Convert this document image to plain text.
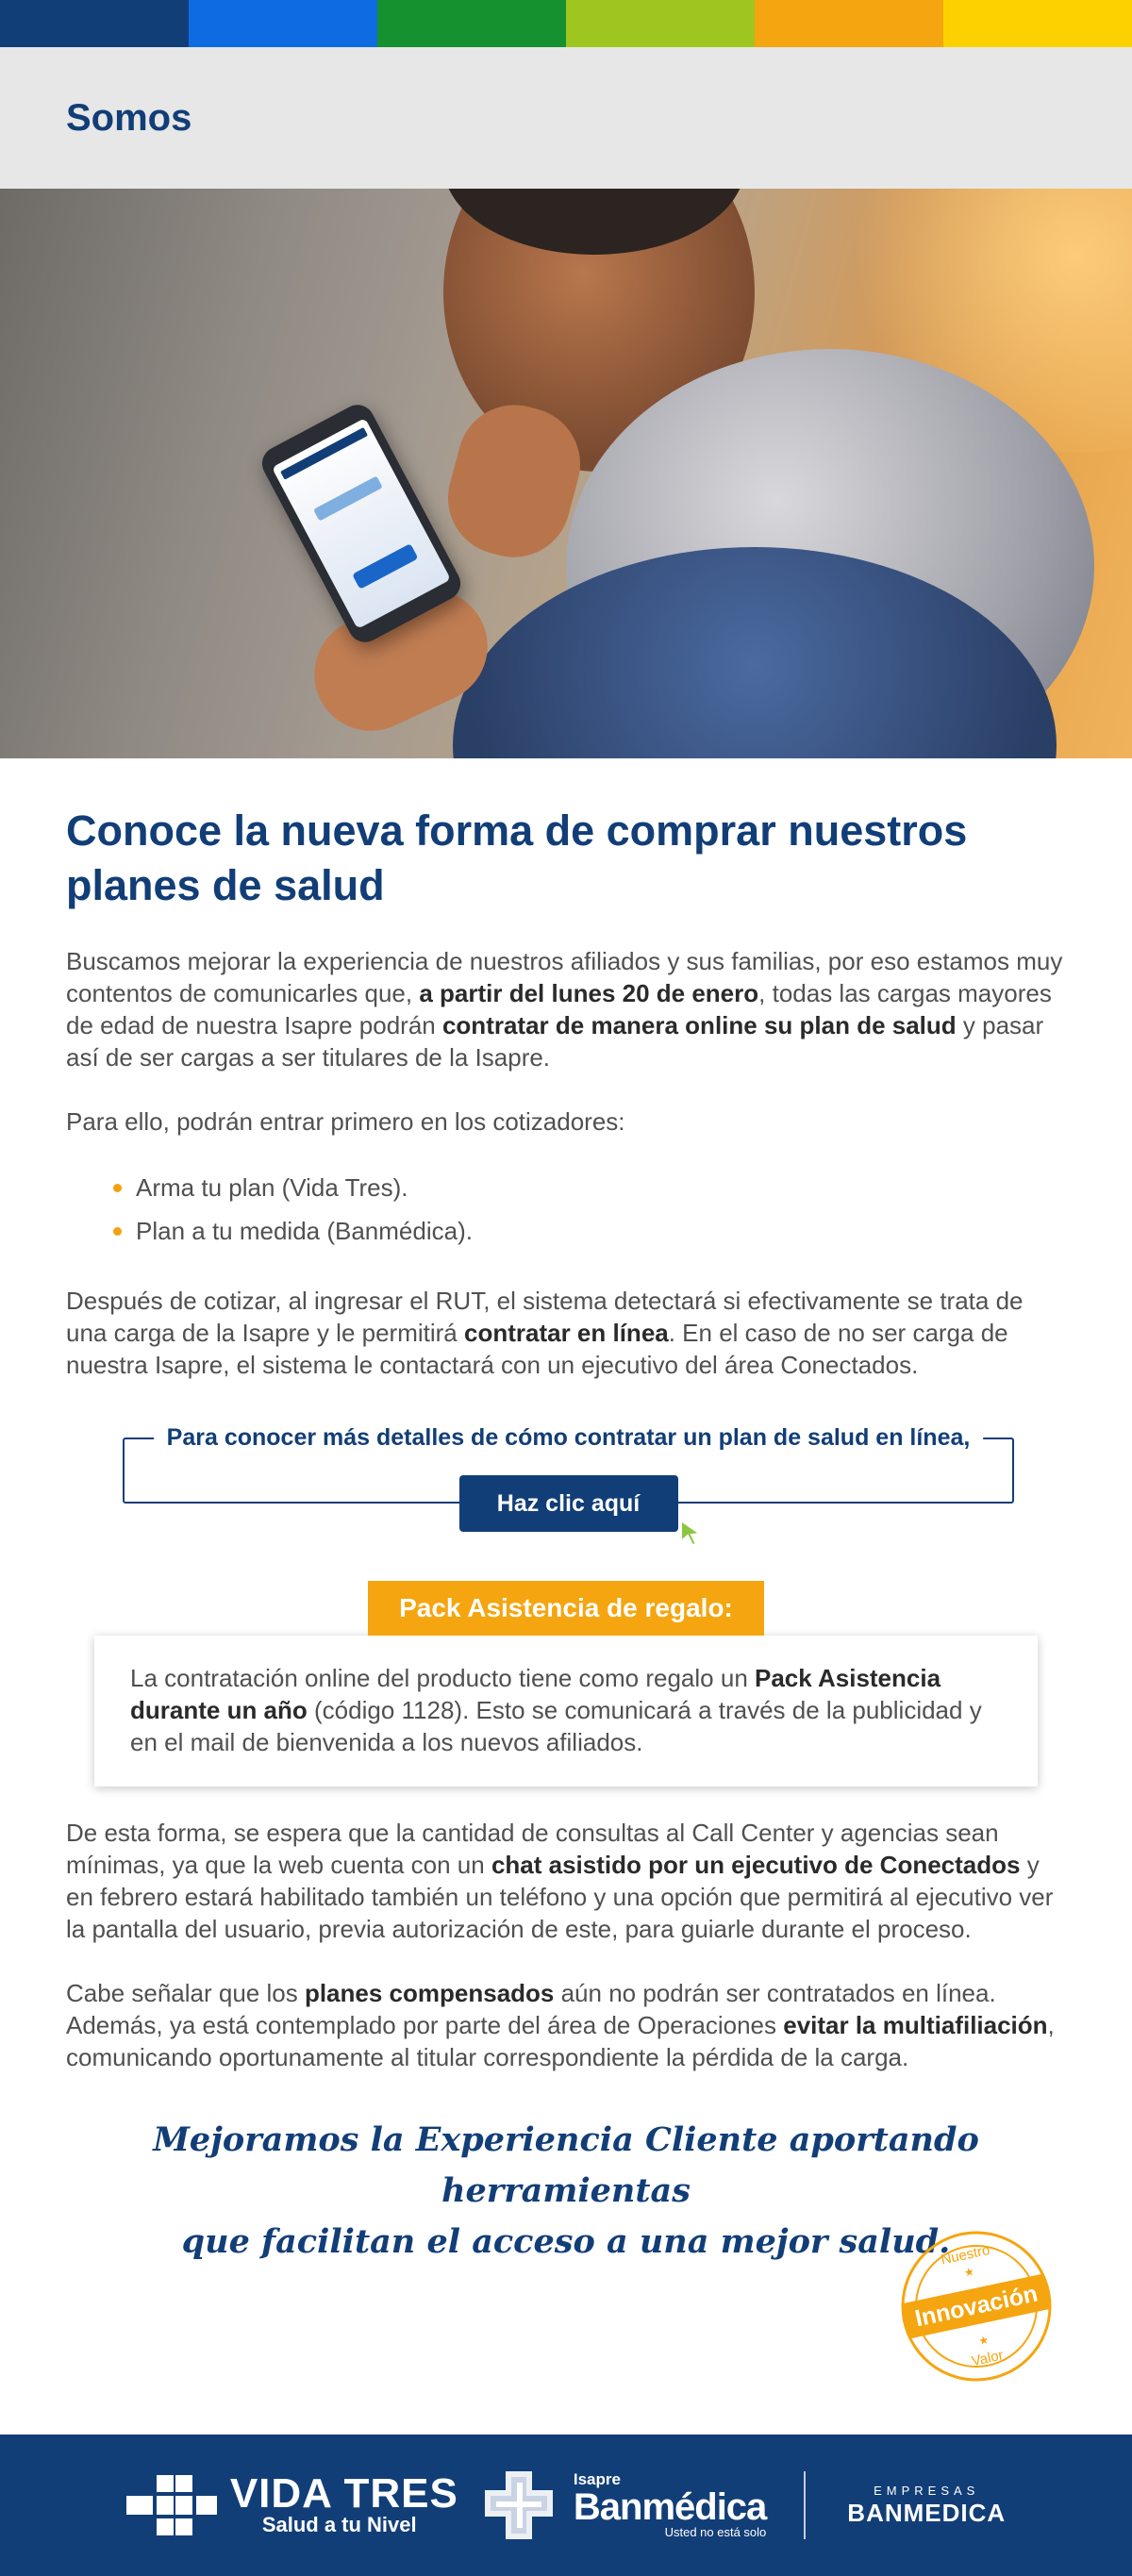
Somos
Conoce la nueva forma de comprar nuestros planes de salud

Buscamos mejorar la experiencia de nuestros afiliados y sus familias, por eso estamos muy contentos de comunicarles que, a partir del lunes 20 de enero, todas las cargas mayores de edad de nuestra Isapre podrán contratar de manera online su plan de salud y pasar así de ser cargas a ser titulares de la Isapre.

Para ello, podrán entrar primero en los cotizadores:

Arma tu plan (Vida Tres).
Plan a tu medida (Banmédica).

Después de cotizar, al ingresar el RUT, el sistema detectará si efectivamente se trata de una carga de la Isapre y le permitirá contratar en línea. En el caso de no ser carga de nuestra Isapre, el sistema le contactará con un ejecutivo del área Conectados.

Para conocer más detalles de cómo contratar un plan de salud en línea,
Haz clic aquí
Pack Asistencia de regalo:
La contratación online del producto tiene como regalo un Pack Asistencia durante un año (código 1128). Esto se comunicará a través de la publicidad y en el mail de bienvenida a los nuevos afiliados.

De esta forma, se espera que la cantidad de consultas al Call Center y agencias sean mínimas, ya que la web cuenta con un chat asistido por un ejecutivo de Conectados y en febrero estará habilitado también un teléfono y una opción que permitirá al ejecutivo ver la pantalla del usuario, previa autorización de este, para guiarle durante el proceso.

Cabe señalar que los planes compensados aún no podrán ser contratados en línea. Además, ya está contemplado por parte del área de Operaciones evitar la multiafiliación, comunicando oportunamente al titular correspondiente la pérdida de la carga.

Mejoramos la Experiencia Cliente aportando herramientas
que facilitan el acceso a una mejor salud.
Nuestro
Innovación
Valor
★
★
VIDA TRES
Salud a tu Nivel
Isapre
Banmédica
Usted no está solo
EMPRESAS
BANMEDICA
